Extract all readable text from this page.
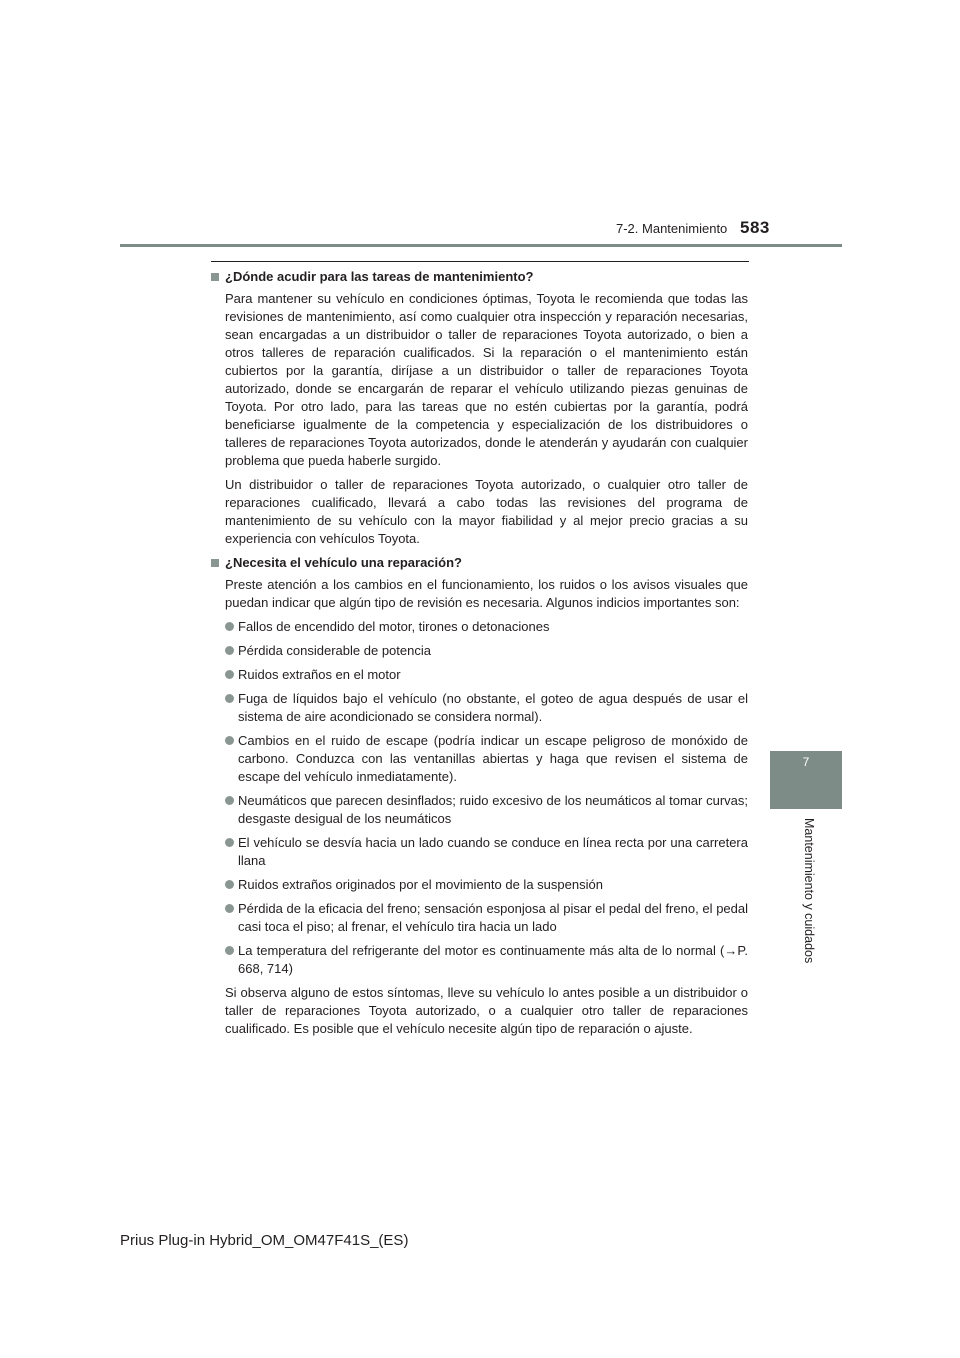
7-2. Mantenimiento 583
7
Mantenimiento y cuidados

¿Dónde acudir para las tareas de mantenimiento?

Para mantener su vehículo en condiciones óptimas, Toyota le recomienda que todas las revisiones de mantenimiento, así como cualquier otra inspección y reparación necesarias, sean encargadas a un distribuidor o taller de reparaciones Toyota autorizado, o bien a otros talleres de reparación cualificados. Si la reparación o el mantenimiento están cubiertos por la garantía, diríjase a un distribuidor o taller de reparaciones Toyota autorizado, donde se encargarán de reparar el vehículo utilizando piezas genuinas de Toyota. Por otro lado, para las tareas que no estén cubiertas por la garantía, podrá beneficiarse igualmente de la competencia y especialización de los distribuidores o talleres de reparaciones Toyota autorizados, donde le atenderán y ayudarán con cualquier problema que pueda haberle surgido.

Un distribuidor o taller de reparaciones Toyota autorizado, o cualquier otro taller de reparaciones cualificado, llevará a cabo todas las revisiones del programa de mantenimiento de su vehículo con la mayor fiabilidad y al mejor precio gracias a su experiencia con vehículos Toyota.

¿Necesita el vehículo una reparación?

Preste atención a los cambios en el funcionamiento, los ruidos o los avisos visuales que puedan indicar que algún tipo de revisión es necesaria. Algunos indicios importantes son:

Fallos de encendido del motor, tirones o detonaciones
Pérdida considerable de potencia
Ruidos extraños en el motor
Fuga de líquidos bajo el vehículo (no obstante, el goteo de agua después de usar el sistema de aire acondicionado se considera normal).
Cambios en el ruido de escape (podría indicar un escape peligroso de monóxido de carbono. Conduzca con las ventanillas abiertas y haga que revisen el sistema de escape del vehículo inmediatamente).
Neumáticos que parecen desinflados; ruido excesivo de los neumáticos al tomar curvas; desgaste desigual de los neumáticos
El vehículo se desvía hacia un lado cuando se conduce en línea recta por una carretera llana
Ruidos extraños originados por el movimiento de la suspensión
Pérdida de la eficacia del freno; sensación esponjosa al pisar el pedal del freno, el pedal casi toca el piso; al frenar, el vehículo tira hacia un lado
La temperatura del refrigerante del motor es continuamente más alta de lo normal (→P. 668, 714)

Si observa alguno de estos síntomas, lleve su vehículo lo antes posible a un distribuidor o taller de reparaciones Toyota autorizado, o a cualquier otro taller de reparaciones cualificado. Es posible que el vehículo necesite algún tipo de reparación o ajuste.

Prius Plug-in Hybrid_OM_OM47F41S_(ES)
